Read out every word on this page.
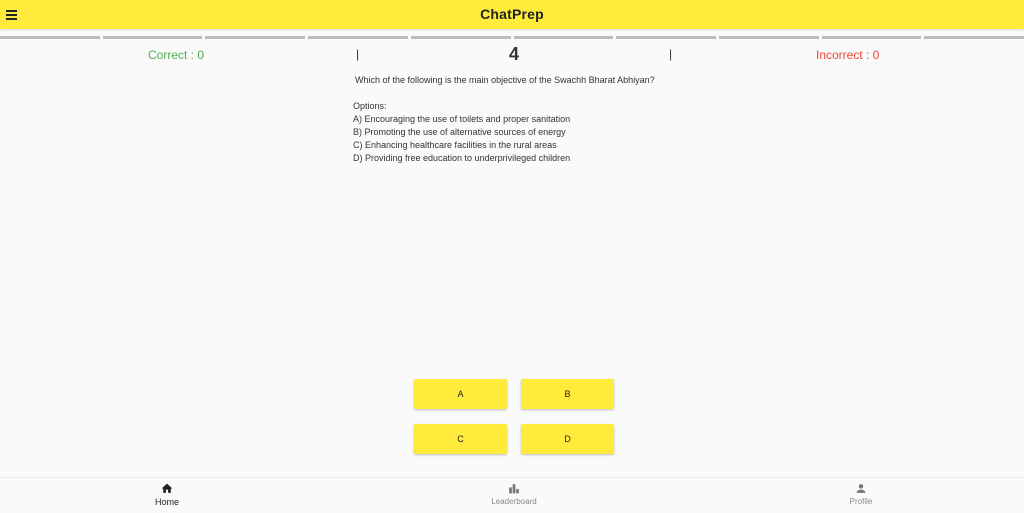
ChatPrep
Correct : 0	|	4	|	Incorrect : 0
Which of the following is the main objective of the Swachh Bharat Abhiyan?
Options:
A) Encouraging the use of toilets and proper sanitation
B) Promoting the use of alternative sources of energy
C) Enhancing healthcare facilities in the rural areas
D) Providing free education to underprivileged children
A	B
C	D
Home	Leaderboard	Profile
